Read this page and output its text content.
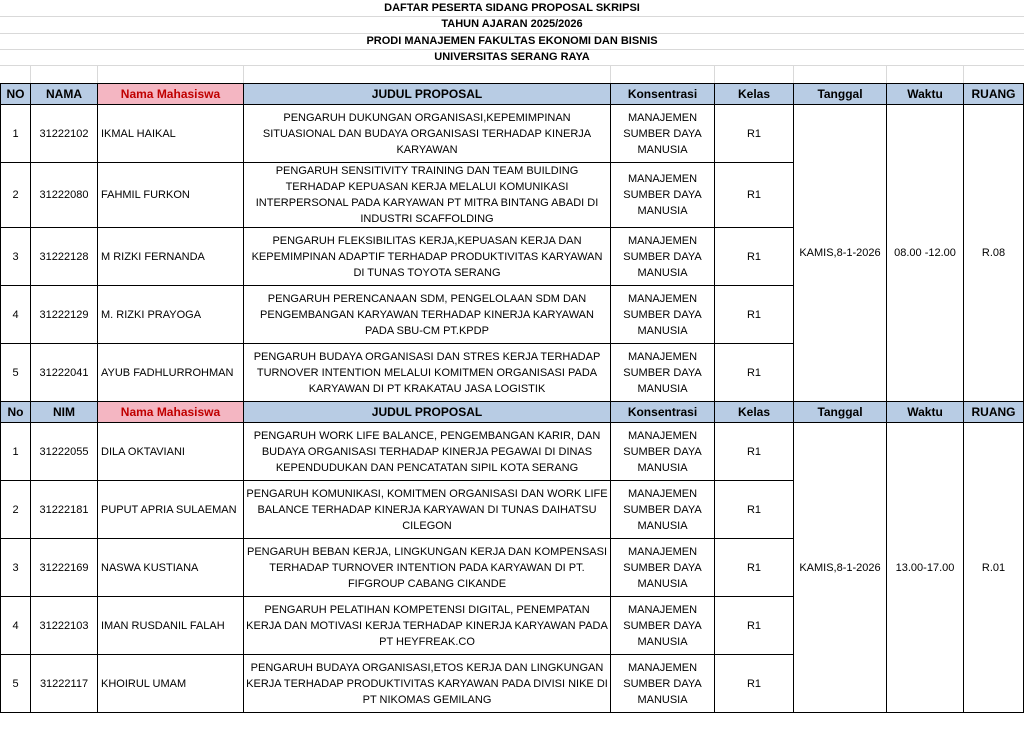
DAFTAR PESERTA SIDANG PROPOSAL SKRIPSI
TAHUN AJARAN 2025/2026
PRODI MANAJEMEN FAKULTAS EKONOMI DAN BISNIS
UNIVERSITAS SERANG RAYA
NO	NAMA	Nama Mahasiswa	JUDUL PROPOSAL	Konsentrasi	Kelas	Tanggal	Waktu	RUANG
1	31222102	IKMAL HAIKAL	PENGARUH DUKUNGAN ORGANISASI,KEPEMIMPINAN SITUASIONAL DAN BUDAYA ORGANISASI TERHADAP KINERJA KARYAWAN	MANAJEMEN SUMBER DAYA MANUSIA	R1	KAMIS,8-1-2026	08.00 -12.00	R.08
2	31222080	FAHMIL FURKON	PENGARUH SENSITIVITY TRAINING DAN TEAM BUILDING TERHADAP KEPUASAN KERJA MELALUI KOMUNIKASI INTERPERSONAL PADA KARYAWAN PT MITRA BINTANG ABADI DI INDUSTRI SCAFFOLDING	MANAJEMEN SUMBER DAYA MANUSIA	R1			
3	31222128	M RIZKI FERNANDA	PENGARUH FLEKSIBILITAS KERJA,KEPUASAN KERJA DAN KEPEMIMPINAN ADAPTIF TERHADAP PRODUKTIVITAS KARYAWAN DI TUNAS TOYOTA SERANG	MANAJEMEN SUMBER DAYA MANUSIA	R1			
4	31222129	M. RIZKI PRAYOGA	PENGARUH PERENCANAAN SDM, PENGELOLAAN SDM DAN PENGEMBANGAN KARYAWAN TERHADAP KINERJA KARYAWAN PADA SBU-CM PT.KPDP	MANAJEMEN SUMBER DAYA MANUSIA	R1			
5	31222041	AYUB FADHLURROHMAN	PENGARUH BUDAYA ORGANISASI DAN STRES KERJA TERHADAP TURNOVER INTENTION MELALUI KOMITMEN ORGANISASI PADA KARYAWAN DI PT KRAKATAU JASA LOGISTIK	MANAJEMEN SUMBER DAYA MANUSIA	R1			
No	NIM	Nama Mahasiswa	JUDUL PROPOSAL	Konsentrasi	Kelas	Tanggal	Waktu	RUANG
1	31222055	DILA OKTAVIANI	PENGARUH WORK LIFE BALANCE, PENGEMBANGAN KARIR, DAN BUDAYA ORGANISASI TERHADAP KINERJA PEGAWAI DI DINAS KEPENDUDUKAN DAN PENCATATAN SIPIL KOTA SERANG	MANAJEMEN SUMBER DAYA MANUSIA	R1	KAMIS,8-1-2026	13.00-17.00	R.01
2	31222181	PUPUT APRIA SULAEMAN	PENGARUH KOMUNIKASI, KOMITMEN ORGANISASI DAN WORK LIFE BALANCE TERHADAP KINERJA KARYAWAN DI TUNAS DAIHATSU CILEGON	MANAJEMEN SUMBER DAYA MANUSIA	R1			
3	31222169	NASWA KUSTIANA	PENGARUH BEBAN KERJA, LINGKUNGAN KERJA DAN KOMPENSASI TERHADAP TURNOVER INTENTION PADA KARYAWAN DI PT. FIFGROUP CABANG CIKANDE	MANAJEMEN SUMBER DAYA MANUSIA	R1			
4	31222103	IMAN RUSDANIL FALAH	PENGARUH PELATIHAN KOMPETENSI DIGITAL, PENEMPATAN KERJA DAN MOTIVASI KERJA TERHADAP KINERJA KARYAWAN PADA PT HEYFREAK.CO	MANAJEMEN SUMBER DAYA MANUSIA	R1			
5	31222117	KHOIRUL UMAM	PENGARUH BUDAYA ORGANISASI,ETOS KERJA DAN LINGKUNGAN KERJA TERHADAP PRODUKTIVITAS KARYAWAN PADA DIVISI NIKE DI PT NIKOMAS GEMILANG	MANAJEMEN SUMBER DAYA MANUSIA	R1			
